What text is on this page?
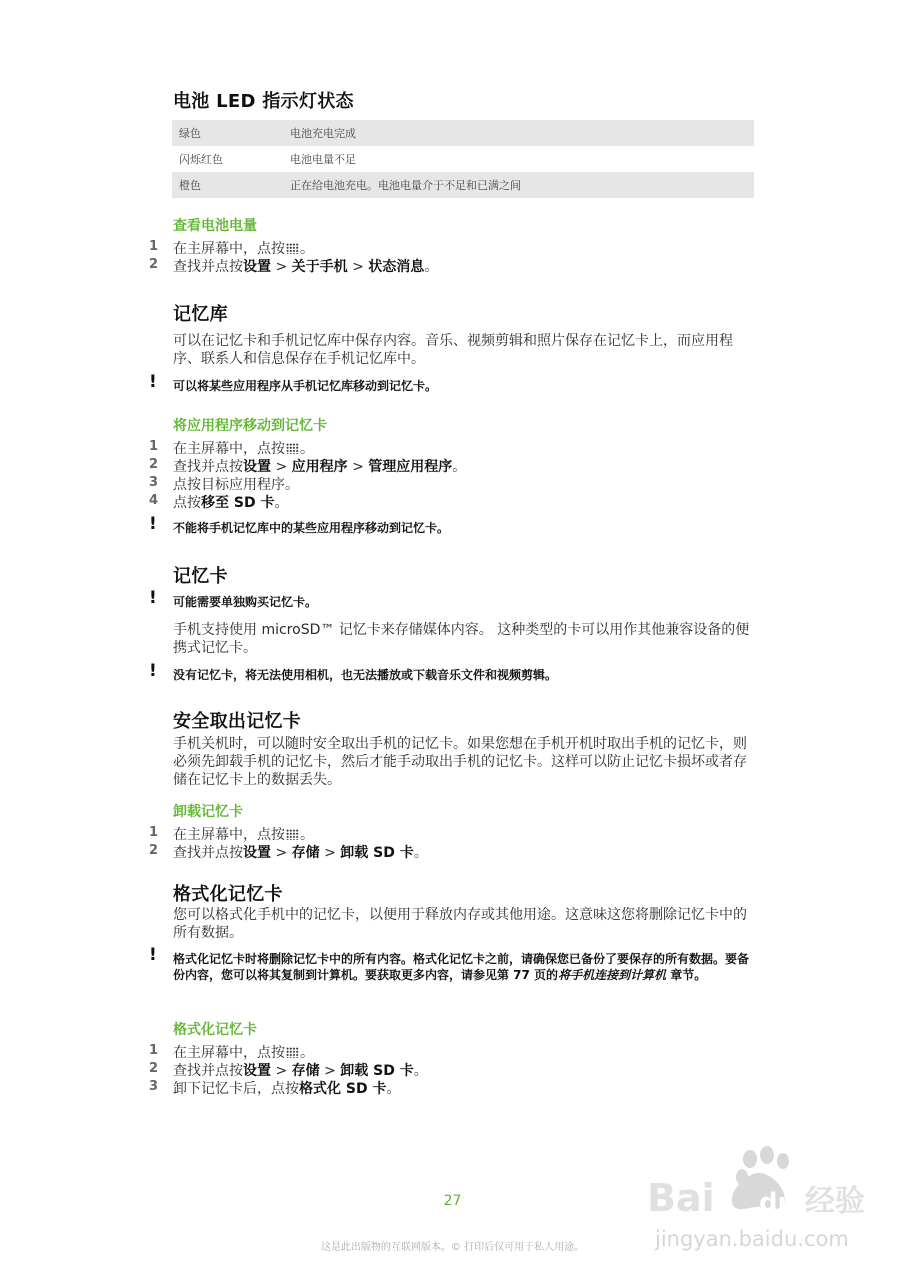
电池 LED 指示灯状态
绿色	电池充电完成
闪烁红色	电池电量不足
橙色	正在给电池充电。电池电量介于不足和已满之间
查看电池电量
1 在主屏幕中，点按 。
2 查找并点按设置 > 关于手机 > 状态消息。
记忆库
可以在记忆卡和手机记忆库中保存内容。音乐、视频剪辑和照片保存在记忆卡上，而应用程序、联系人和信息保存在手机记忆库中。
! 可以将某些应用程序从手机记忆库移动到记忆卡。
将应用程序移动到记忆卡
1 在主屏幕中，点按 。
2 查找并点按设置 > 应用程序 > 管理应用程序。
3 点按目标应用程序。
4 点按移至 SD 卡。
! 不能将手机记忆库中的某些应用程序移动到记忆卡。
记忆卡
! 可能需要单独购买记忆卡。
手机支持使用 microSD™ 记忆卡来存储媒体内容。 这种类型的卡可以用作其他兼容设备的便携式记忆卡。
! 没有记忆卡，将无法使用相机，也无法播放或下载音乐文件和视频剪辑。
安全取出记忆卡
手机关机时，可以随时安全取出手机的记忆卡。如果您想在手机开机时取出手机的记忆卡，则必须先卸载手机的记忆卡，然后才能手动取出手机的记忆卡。这样可以防止记忆卡损坏或者存储在记忆卡上的数据丢失。
卸载记忆卡
1 在主屏幕中，点按 。
2 查找并点按设置 > 存储 > 卸载 SD 卡。
格式化记忆卡
您可以格式化手机中的记忆卡，以便用于释放内存或其他用途。这意味这您将删除记忆卡中的所有数据。
! 格式化记忆卡时将删除记忆卡中的所有内容。格式化记忆卡之前，请确保您已备份了要保存的所有数据。要备份内容，您可以将其复制到计算机。要获取更多内容，请参见第 77 页的将手机连接到计算机 章节。
格式化记忆卡
1 在主屏幕中，点按 。
2 查找并点按设置 > 存储 > 卸载 SD 卡。
3 卸下记忆卡后，点按格式化 SD 卡。
27
这是此出版物的互联网版本。© 打印后仅可用于私人用途。
Bai du 经验
jingyan.baidu.com
